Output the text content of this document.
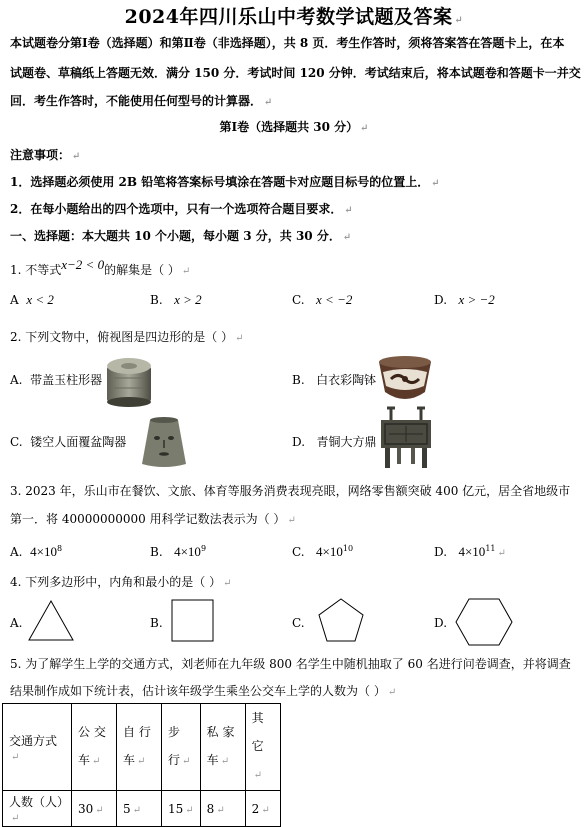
2024年四川乐山中考数学试题及答案 ↵
本试题卷分第Ⅰ卷（选择题）和第Ⅱ卷（非选择题），共 8 页．考生作答时，须将答案答在答题卡上，在本
试题卷、草稿纸上答题无效．满分 150 分．考试时间 120 分钟．考试结束后，将本试题卷和答题卡一并交
回．考生作答时，不能使用任何型号的计算器． ↵
第Ⅰ卷（选择题共 30 分） ↵
注意事项： ↵
1．选择题必须使用 2B 铅笔将答案标号填涂在答题卡对应题目标号的位置上． ↵
2．在每小题给出的四个选项中，只有一个选项符合题目要求． ↵
一、选择题：本大题共 10 个小题，每小题 3 分，共 30 分． ↵
1. 不等式x−2 < 0的解集是（ ） ↵
A x < 2	B. x > 2	C. x < −2	D. x > −2
2. 下列文物中，俯视图是四边形的是（ ） ↵
A. 带盖玉柱形器	B. 白衣彩陶钵
C. 镂空人面覆盆陶器	D. 青铜大方鼎
3. 2023 年，乐山市在餐饮、文旅、体育等服务消费表现亮眼，网络零售额突破 400 亿元，居全省地级市
第一．将 40000000000 用科学记数法表示为（ ） ↵
A. $4\times 10^8$	B. $4\times 10^9$	C. $4\times 10^{10}$	D. $4\times 10^{11}$ ↵
4. 下列多边形中，内角和最小的是（ ） ↵
A.	B.	C.	D.
5. 为了解学生上学的交通方式，刘老师在九年级 800 名学生中随机抽取了 60 名进行问卷调查，并将调查
结果制作成如下统计表，估计该年级学生乘坐公交车上学的人数为（ ） ↵
交通方式↵	公 交
车 ↵	自 行
车 ↵	步
行 ↵	私 家
车 ↵	其
它↵
人数（人）↵	30 ↵	5 ↵	15 ↵	8 ↵	2 ↵
